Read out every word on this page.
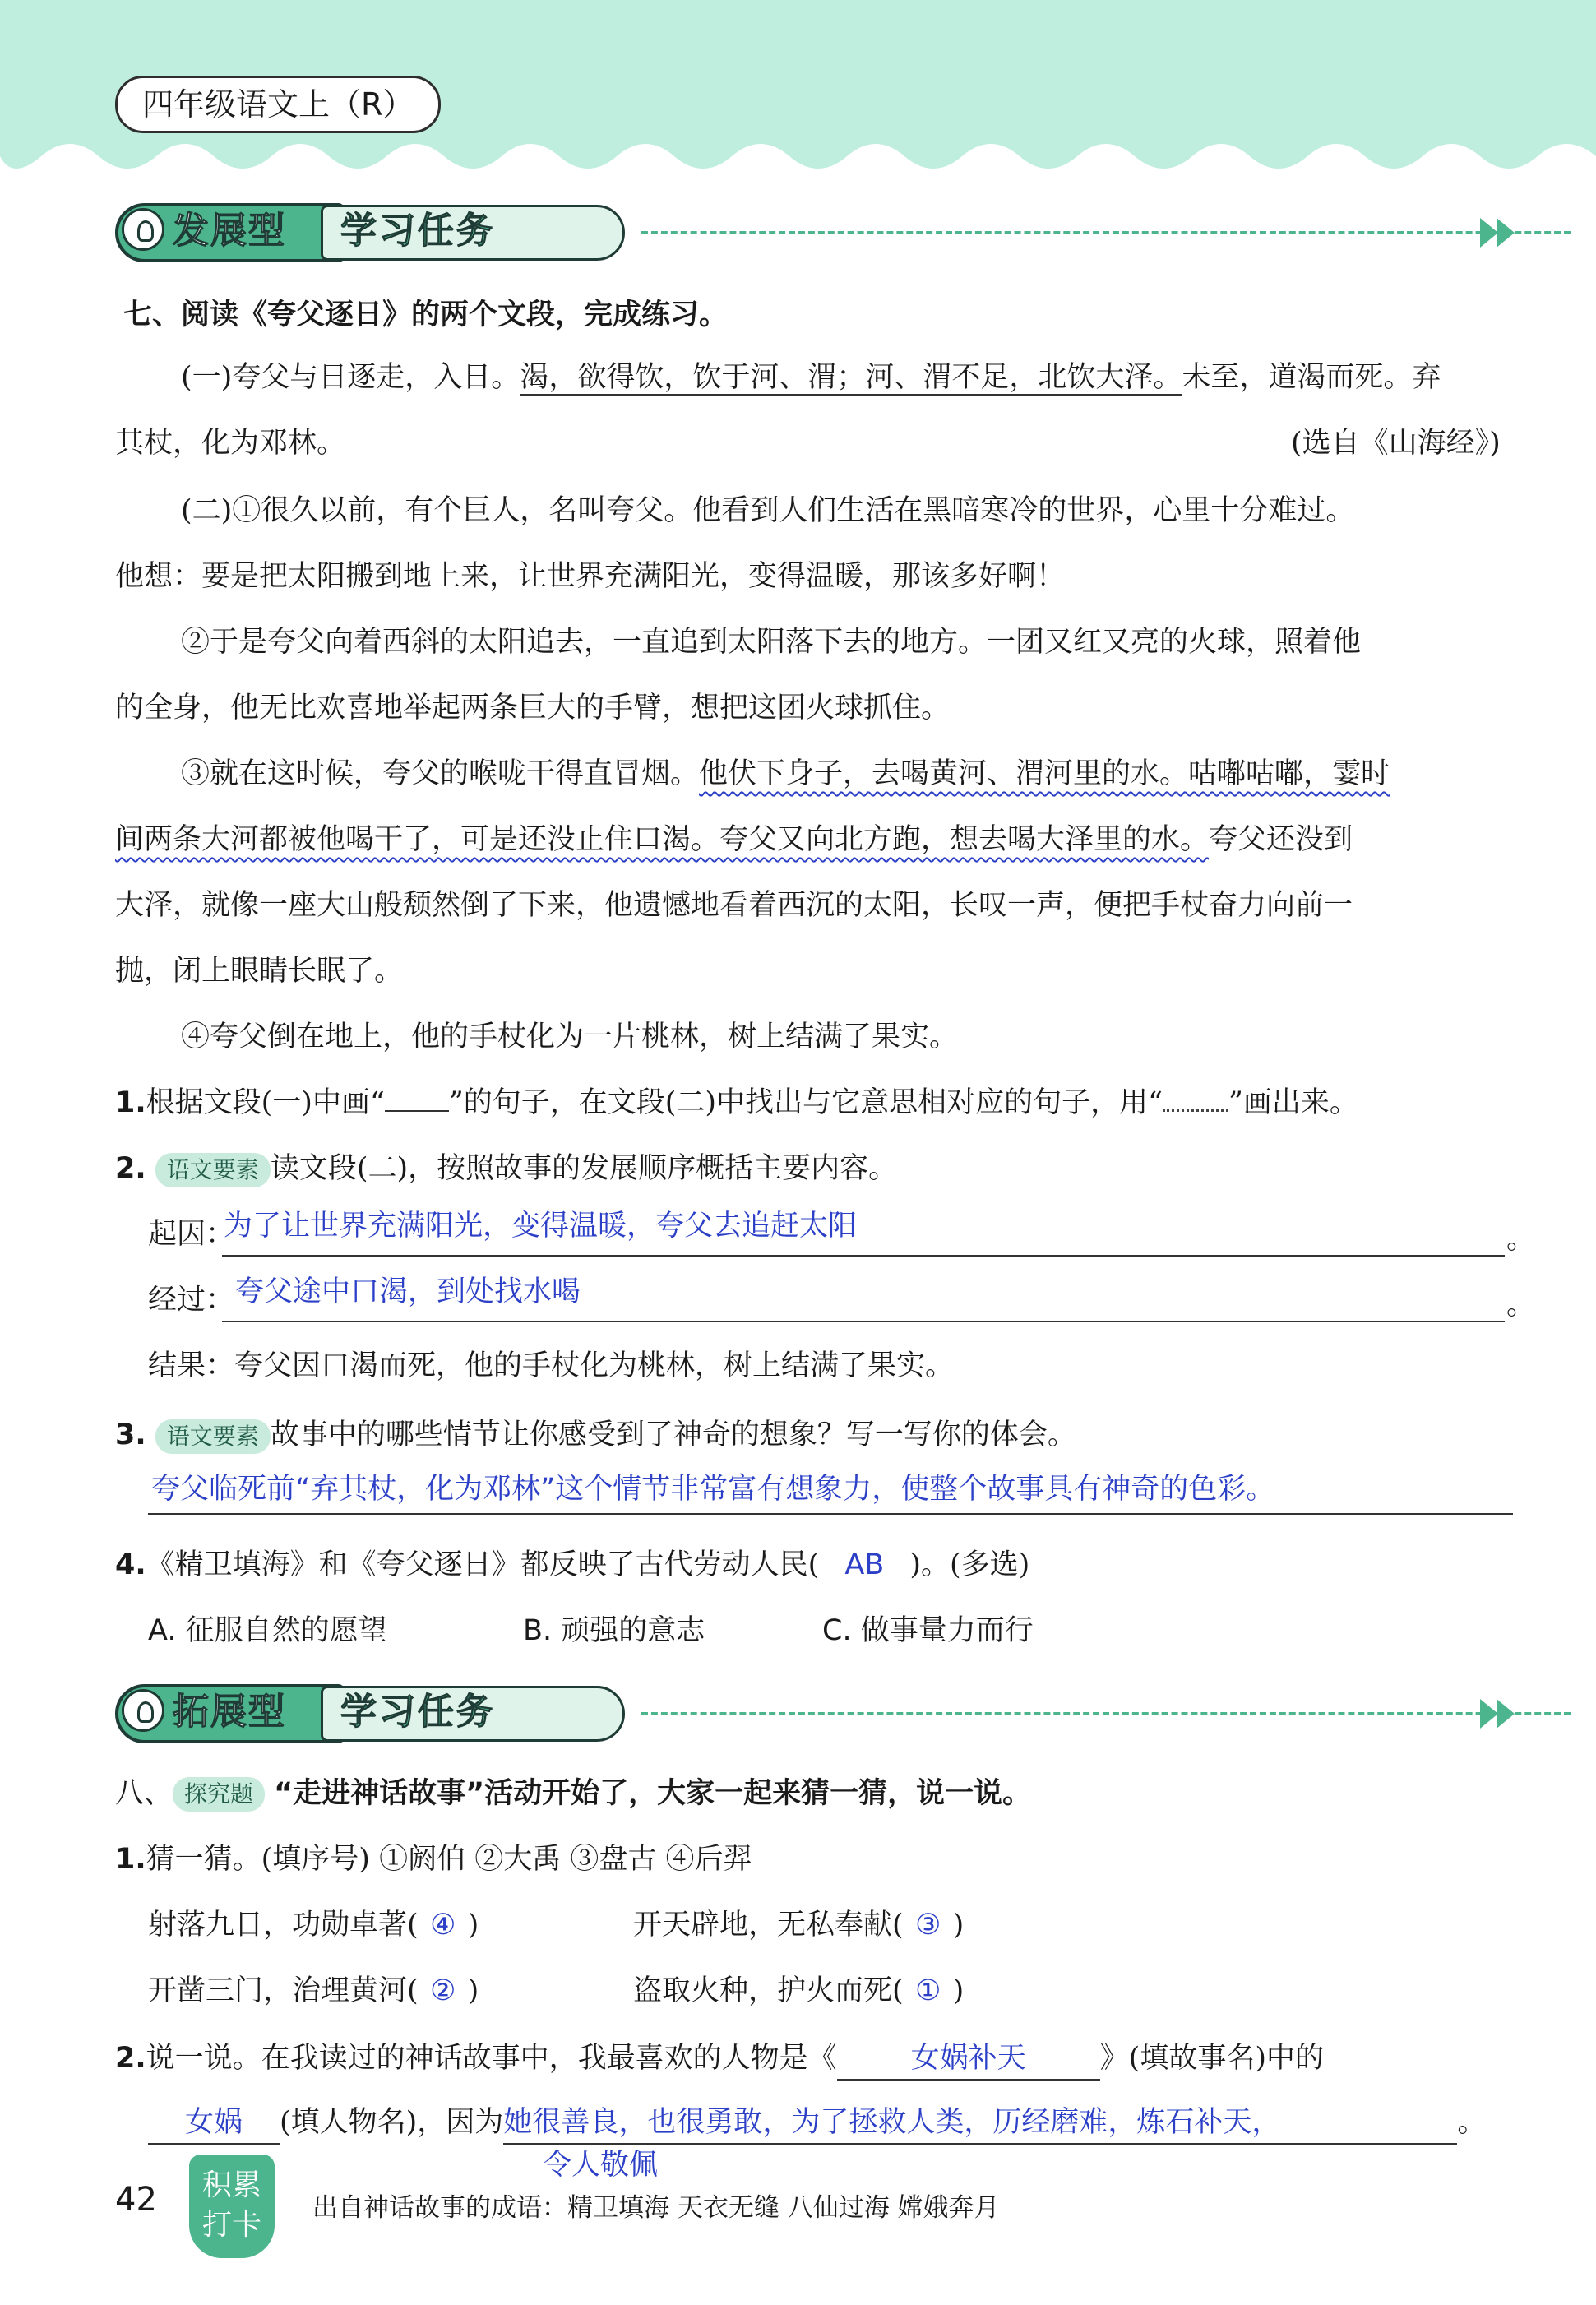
四年级语文上（R）
发展型 学习任务
七、阅读《夸父逐日》的两个文段，完成练习。
(一)夸父与日逐走，入日。渴，欲得饮，饮于河、渭；河、渭不足，北饮大泽。未至，道渴而死。弃
其杖，化为邓林。	(选自《山海经》)
(二)①很久以前，有个巨人，名叫夸父。他看到人们生活在黑暗寒冷的世界，心里十分难过。
他想：要是把太阳搬到地上来，让世界充满阳光，变得温暖，那该多好啊！
②于是夸父向着西斜的太阳追去，一直追到太阳落下去的地方。一团又红又亮的火球，照着他
的全身，他无比欢喜地举起两条巨大的手臂，想把这团火球抓住。
③就在这时候，夸父的喉咙干得直冒烟。他伏下身子，去喝黄河、渭河里的水。咕嘟咕嘟，霎时
间两条大河都被他喝干了，可是还没止住口渴。夸父又向北方跑，想去喝大泽里的水。夸父还没到
大泽，就像一座大山般颓然倒了下来，他遗憾地看着西沉的太阳，长叹一声，便把手杖奋力向前一
抛，闭上眼睛长眠了。
④夸父倒在地上，他的手杖化为一片桃林，树上结满了果实。
1.根据文段(一)中画“ ”的句子，在文段(二)中找出与它意思相对应的句子，用“ ”画出来。
2. 语文要素 读文段(二)，按照故事的发展顺序概括主要内容。
起因：
为了让世界充满阳光，变得温暖，夸父去追赶太阳	。
经过： 夸父途中口渴，到处找水喝	。
结果：夸父因口渴而死，他的手杖化为桃林，树上结满了果实。
3. 语文要素 故事中的哪些情节让你感受到了神奇的想象？写一写你的体会。
夸父临死前“弃其杖，化为邓林”这个情节非常富有想象力，使整个故事具有神奇的色彩。
4.《精卫填海》和《夸父逐日》都反映了古代劳动人民( AB )。(多选)
A. 征服自然的愿望	B. 顽强的意志	C. 做事量力而行
拓展型 学习任务
八、 探究题 “走进神话故事”活动开始了，大家一起来猜一猜，说一说。
1.猜一猜。(填序号) ①阏伯 ②大禹 ③盘古 ④后羿
射落九日，功勋卓著( ④ )	开天辟地，无私奉献( ③ )
开凿三门，治理黄河( ② )	盗取火种，护火而死( ① )
2.说一说。在我读过的神话故事中，我最喜欢的人物是《	女娲补天	》(填故事名)中的
女娲 (填人物名)，因为她很善良，也很勇敢，为了拯救人类，历经磨难，炼石补天，	。
令人敬佩
42	积累
打卡	出自神话故事的成语：精卫填海 天衣无缝 八仙过海 嫦娥奔月
